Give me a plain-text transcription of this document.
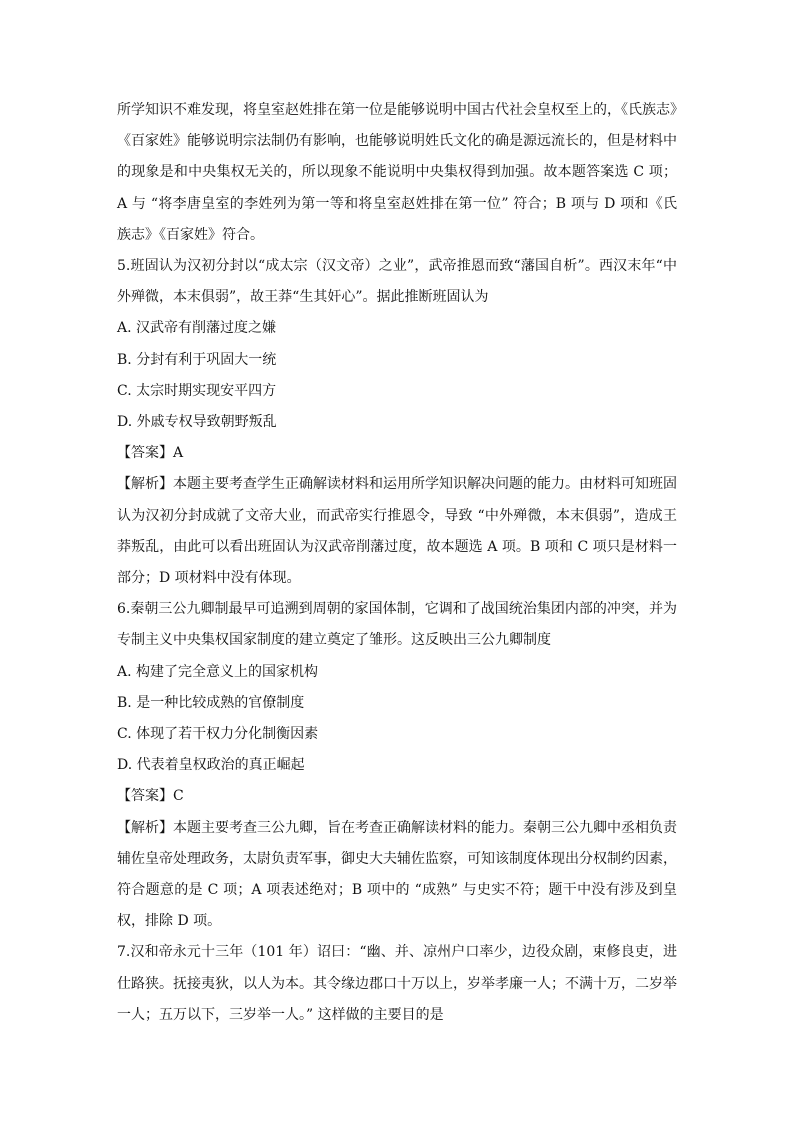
所学知识不难发现，将皇室赵姓排在第一位是能够说明中国古代社会皇权至上的，《氏族志》《百家姓》能够说明宗法制仍有影响，也能够说明姓氏文化的确是源远流长的，但是材料中的现象是和中央集权无关的，所以现象不能说明中央集权得到加强。故本题答案选 C 项；A 与 “将李唐皇室的李姓列为第一等和将皇室赵姓排在第一位” 符合；B 项与 D 项和《氏族志》《百家姓》符合。

5.班固认为汉初分封以“成太宗（汉文帝）之业”，武帝推恩而致“藩国自析”。西汉末年“中外殚微，本末俱弱”，故王莽“生其奸心”。据此推断班固认为

A. 汉武帝有削藩过度之嫌

B. 分封有利于巩固大一统

C. 太宗时期实现安平四方

D. 外戚专权导致朝野叛乱

【答案】A

【解析】本题主要考查学生正确解读材料和运用所学知识解决问题的能力。由材料可知班固认为汉初分封成就了文帝大业，而武帝实行推恩令，导致 “中外殚微，本末俱弱”，造成王莽叛乱，由此可以看出班固认为汉武帝削藩过度，故本题选 A 项。B 项和 C 项只是材料一部分；D 项材料中没有体现。

6.秦朝三公九卿制最早可追溯到周朝的家国体制，它调和了战国统治集团内部的冲突，并为专制主义中央集权国家制度的建立奠定了雏形。这反映出三公九卿制度

A. 构建了完全意义上的国家机构

B. 是一种比较成熟的官僚制度

C. 体现了若干权力分化制衡因素

D. 代表着皇权政治的真正崛起

【答案】C

【解析】本题主要考查三公九卿，旨在考查正确解读材料的能力。秦朝三公九卿中丞相负责辅佐皇帝处理政务，太尉负责军事，御史大夫辅佐监察，可知该制度体现出分权制约因素，符合题意的是 C 项；A 项表述绝对；B 项中的 “成熟” 与史实不符；题干中没有涉及到皇权，排除 D 项。

7.汉和帝永元十三年（101 年）诏曰：“幽、并、凉州户口率少，边役众剧，束修良吏，进仕路狭。抚接夷狄，以人为本。其令缘边郡口十万以上，岁举孝廉一人；不满十万，二岁举一人；五万以下，三岁举一人。” 这样做的主要目的是
